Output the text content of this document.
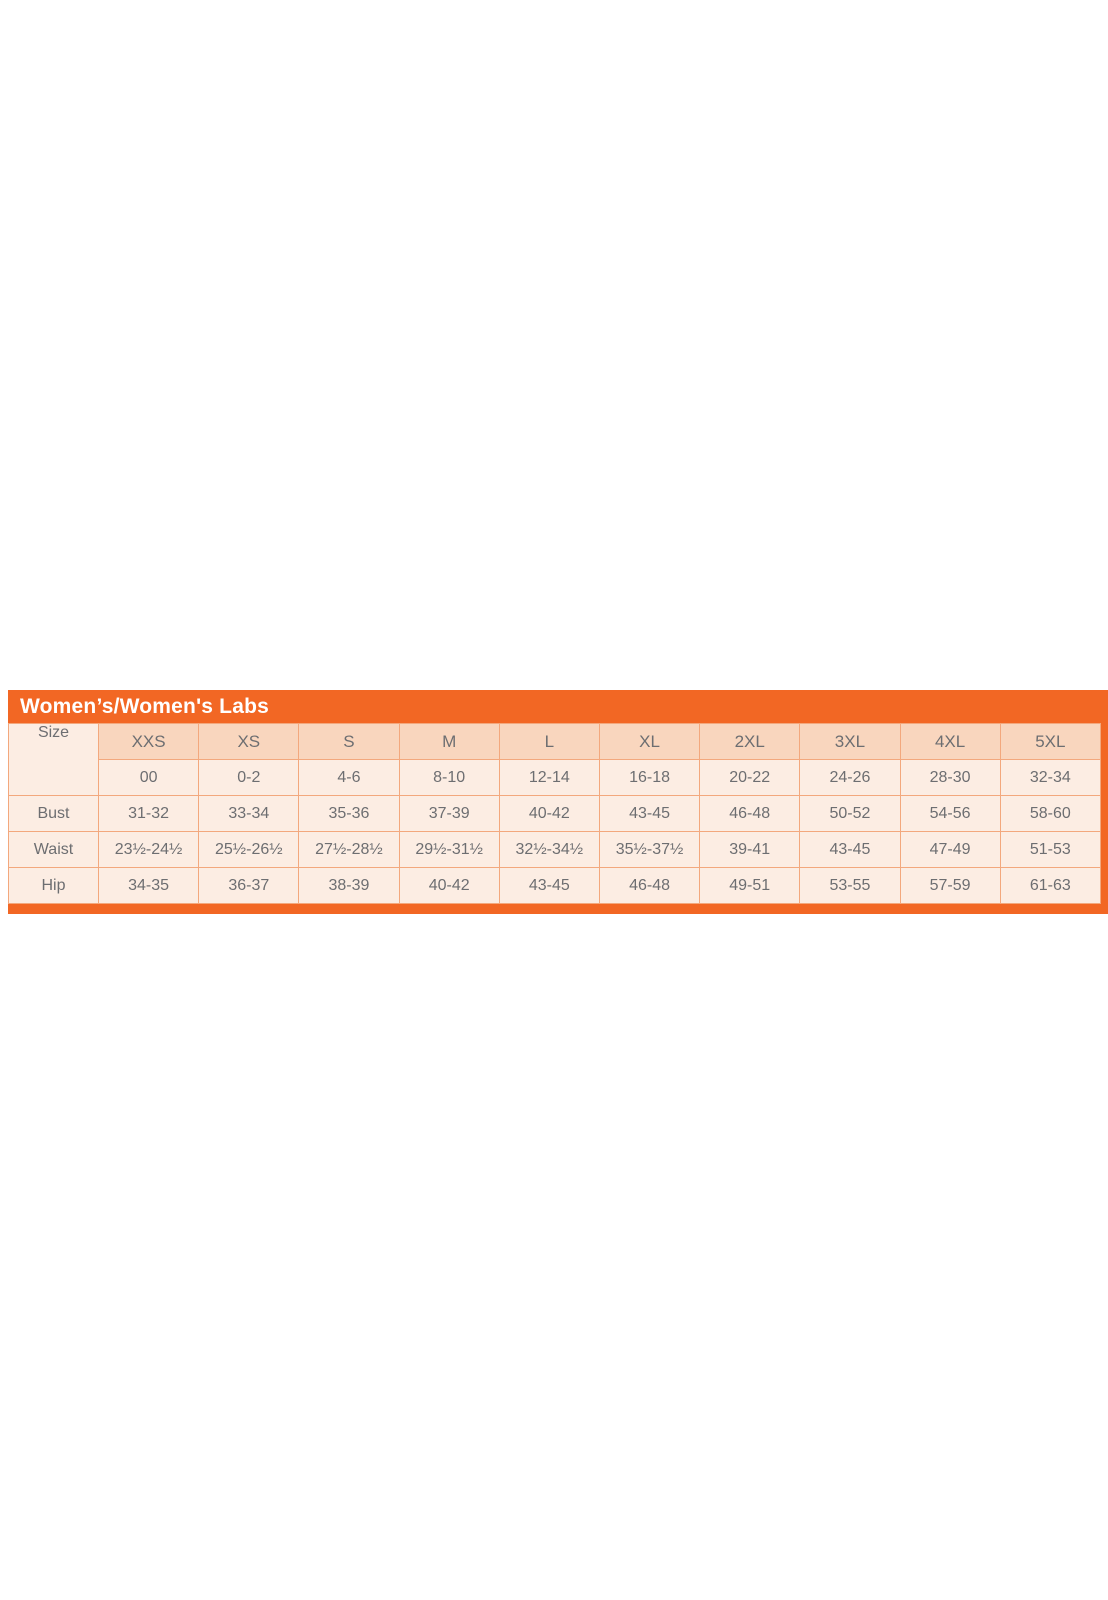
Women’s/Women's Labs
Size	XXS	XS	S	M	L	XL	2XL	3XL	4XL	5XL
	00	0-2	4-6	8-10	12-14	16-18	20-22	24-26	28-30	32-34
Bust	31-32	33-34	35-36	37-39	40-42	43-45	46-48	50-52	54-56	58-60
Waist	23½-24½	25½-26½	27½-28½	29½-31½	32½-34½	35½-37½	39-41	43-45	47-49	51-53
Hip	34-35	36-37	38-39	40-42	43-45	46-48	49-51	53-55	57-59	61-63
